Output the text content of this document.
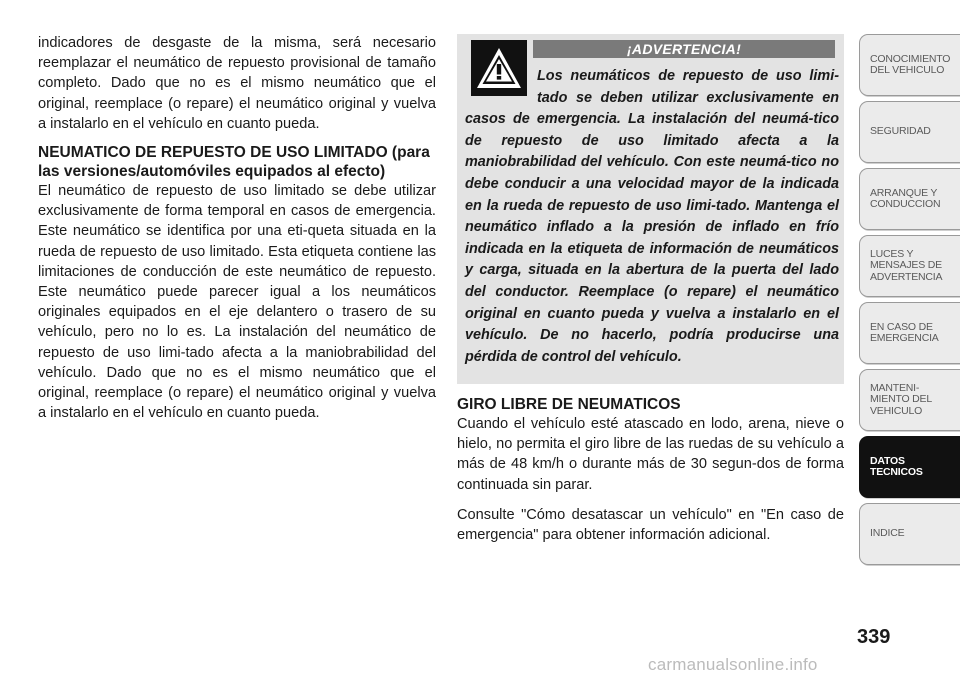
indicadores de desgaste de la misma, será necesario reemplazar el neumático de repuesto provisional de tamaño completo. Dado que no es el mismo neumático que el original, reemplace (o repare) el neumático original y vuelva a instalarlo en el vehículo en cuanto pueda.

NEUMATICO DE REPUESTO DE USO LIMITADO (para las versiones/automóviles equipados al efecto)

El neumático de repuesto de uso limitado se debe utilizar exclusivamente de forma temporal en casos de emergencia. Este neumático se identifica por una eti-queta situada en la rueda de repuesto de uso limitado. Esta etiqueta contiene las limitaciones de conducción de este neumático de repuesto. Este neumático puede parecer igual a los neumáticos originales equipados en el eje delantero o trasero de su vehículo, pero no lo es. La instalación del neumático de repuesto de uso limi-tado afecta a la maniobrabilidad del vehículo. Dado que no es el mismo neumático que el original, reemplace (o repare) el neumático original y vuelva a instalarlo en el vehículo en cuanto pueda.

¡ADVERTENCIA!
Los neumáticos de repuesto de uso limi-tado se deben utilizar exclusivamente en casos de emergencia. La instalación del neumá-tico de repuesto de uso limitado afecta a la maniobrabilidad del vehículo. Con este neumá-tico no debe conducir a una velocidad mayor de la indicada en la rueda de repuesto de uso limi-tado. Mantenga el neumático inflado a la presión de inflado en frío indicada en la etiqueta de información de neumáticos y carga, situada en la abertura de la puerta del lado del conductor. Reemplace (o repare) el neumático original en cuanto pueda y vuelva a instalarlo en el vehículo. De no hacerlo, podría producirse una pérdida de control del vehículo.
GIRO LIBRE DE NEUMATICOS

Cuando el vehículo esté atascado en lodo, arena, nieve o hielo, no permita el giro libre de las ruedas de su vehículo a más de 48 km/h o durante más de 30 segun-dos de forma continuada sin parar.

Consulte "Cómo desatascar un vehículo" en "En caso de emergencia" para obtener información adicional.

CONOCIMIENTO
DEL VEHICULO
SEGURIDAD
ARRANQUE Y
CONDUCCION
LUCES Y
MENSAJES DE
ADVERTENCIA
EN CASO DE
EMERGENCIA
MANTENI-
MIENTO DEL
VEHICULO
DATOS
TECNICOS
INDICE
339
carmanualsonline.info
